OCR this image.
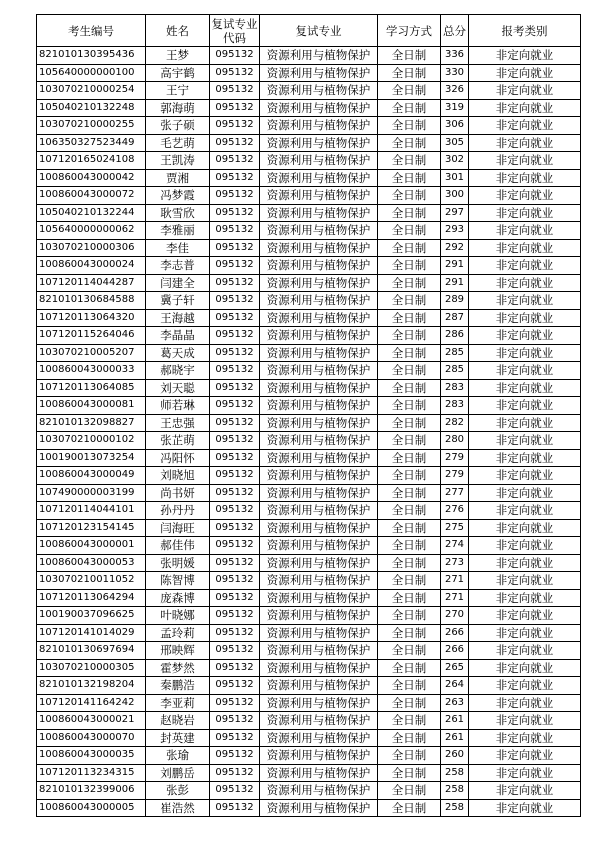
考生编号	姓名	复试专业代码	复试专业	学习方式	总分	报考类别
821010130395436	王梦	095132	资源利用与植物保护	全日制	336	非定向就业
105640000000100	高宇鹤	095132	资源利用与植物保护	全日制	330	非定向就业
103070210000254	王宁	095132	资源利用与植物保护	全日制	326	非定向就业
105040210132248	郭海萌	095132	资源利用与植物保护	全日制	319	非定向就业
103070210000255	张子硕	095132	资源利用与植物保护	全日制	306	非定向就业
106350327523449	毛艺萌	095132	资源利用与植物保护	全日制	305	非定向就业
107120165024108	王凯涛	095132	资源利用与植物保护	全日制	302	非定向就业
100860043000042	贾湘	095132	资源利用与植物保护	全日制	301	非定向就业
100860043000072	冯梦霞	095132	资源利用与植物保护	全日制	300	非定向就业
105040210132244	耿雪欣	095132	资源利用与植物保护	全日制	297	非定向就业
105640000000062	李雅丽	095132	资源利用与植物保护	全日制	293	非定向就业
103070210000306	李佳	095132	资源利用与植物保护	全日制	292	非定向就业
100860043000024	李志普	095132	资源利用与植物保护	全日制	291	非定向就业
107120114044287	闫建全	095132	资源利用与植物保护	全日制	291	非定向就业
821010130684588	冀子轩	095132	资源利用与植物保护	全日制	289	非定向就业
107120113064320	王海越	095132	资源利用与植物保护	全日制	287	非定向就业
107120115264046	李晶晶	095132	资源利用与植物保护	全日制	286	非定向就业
103070210005207	葛天成	095132	资源利用与植物保护	全日制	285	非定向就业
100860043000033	郝晓宇	095132	资源利用与植物保护	全日制	285	非定向就业
107120113064085	刘天聪	095132	资源利用与植物保护	全日制	283	非定向就业
100860043000081	师若琳	095132	资源利用与植物保护	全日制	283	非定向就业
821010132098827	王忠强	095132	资源利用与植物保护	全日制	282	非定向就业
103070210000102	张芷萌	095132	资源利用与植物保护	全日制	280	非定向就业
100190013073254	冯阳怀	095132	资源利用与植物保护	全日制	279	非定向就业
100860043000049	刘晓旭	095132	资源利用与植物保护	全日制	279	非定向就业
107490000003199	尚书妍	095132	资源利用与植物保护	全日制	277	非定向就业
107120114044101	孙丹丹	095132	资源利用与植物保护	全日制	276	非定向就业
107120123154145	闫海旺	095132	资源利用与植物保护	全日制	275	非定向就业
100860043000001	郝佳伟	095132	资源利用与植物保护	全日制	274	非定向就业
100860043000053	张明媛	095132	资源利用与植物保护	全日制	273	非定向就业
103070210011052	陈智博	095132	资源利用与植物保护	全日制	271	非定向就业
107120113064294	庞森博	095132	资源利用与植物保护	全日制	271	非定向就业
100190037096625	叶晓娜	095132	资源利用与植物保护	全日制	270	非定向就业
107120141014029	孟玲莉	095132	资源利用与植物保护	全日制	266	非定向就业
821010130697694	邢映辉	095132	资源利用与植物保护	全日制	266	非定向就业
103070210000305	霍梦然	095132	资源利用与植物保护	全日制	265	非定向就业
821010132198204	秦鹏浩	095132	资源利用与植物保护	全日制	264	非定向就业
107120141164242	李亚莉	095132	资源利用与植物保护	全日制	263	非定向就业
100860043000021	赵晓岩	095132	资源利用与植物保护	全日制	261	非定向就业
100860043000070	封英建	095132	资源利用与植物保护	全日制	261	非定向就业
100860043000035	张瑜	095132	资源利用与植物保护	全日制	260	非定向就业
107120113234315	刘鹏岳	095132	资源利用与植物保护	全日制	258	非定向就业
821010132399006	张彭	095132	资源利用与植物保护	全日制	258	非定向就业
100860043000005	崔浩然	095132	资源利用与植物保护	全日制	258	非定向就业
